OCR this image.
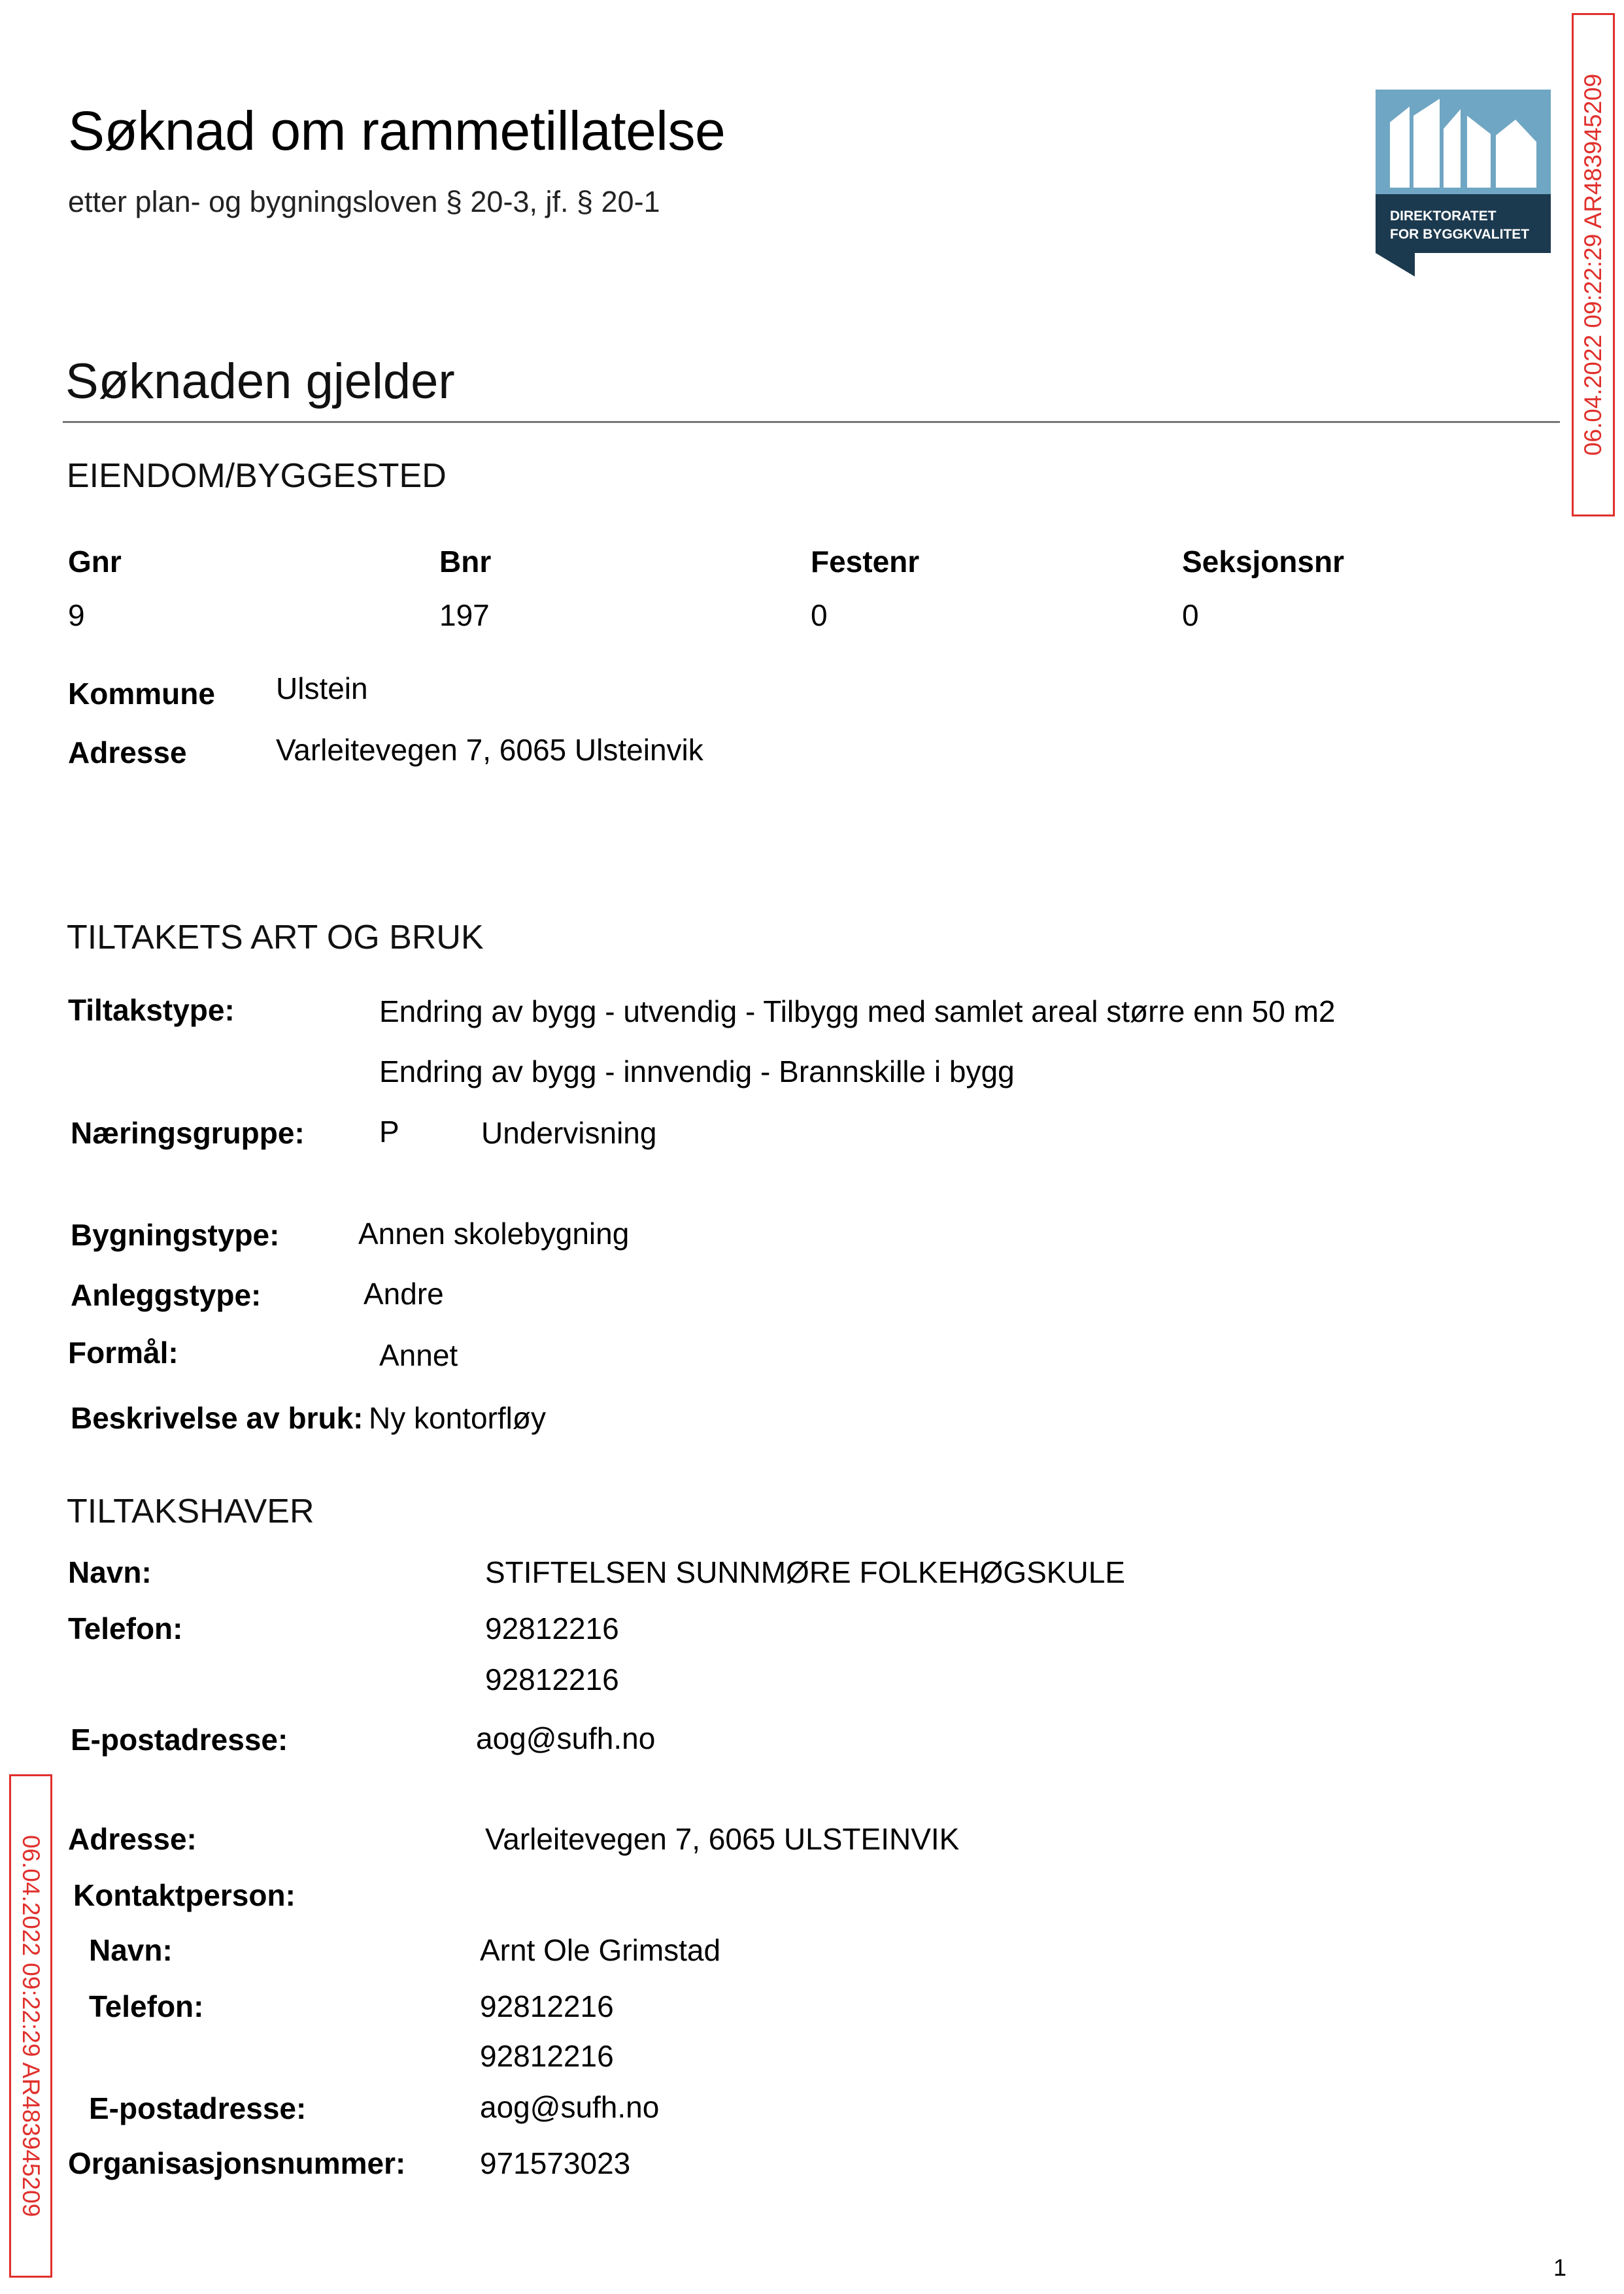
Søknad om rammetillatelse
etter plan- og bygningsloven § 20-3, jf. § 20-1	DIREKTORATET
FOR BYGGKVALITET 06.04.2022 09:22:29 AR483945209
06.04.2022 09:22:29 AR483945209
Søknaden gjelder
EIENDOM/BYGGESTED
Gnr	Bnr	Festenr	Seksjonsnr
9	197	0	0
Kommune Ulstein
Adresse	Varleitevegen 7, 6065 Ulsteinvik
TILTAKETS ART OG BRUK
Tiltakstype:	Endring av bygg - utvendig - Tilbygg med samlet areal større enn 50 m2
Endring av bygg - innvendig - Brannskille i bygg
Næringsgruppe: P	Undervisning
Bygningstype:	Annen skolebygning
Anleggstype:	Andre
Formål:	Annet
Beskrivelse av bruk: Ny kontorfløy
TILTAKSHAVER
Navn:	STIFTELSEN SUNNMØRE FOLKEHØGSKULE
Telefon:	92812216
92812216
E-postadresse:	aog@sufh.no
Adresse:	Varleitevegen 7, 6065 ULSTEINVIK
Kontaktperson:
Navn:	Arnt Ole Grimstad
Telefon:	92812216
92812216
E-postadresse:	aog@sufh.no
Organisasjonsnummer: 971573023
1
